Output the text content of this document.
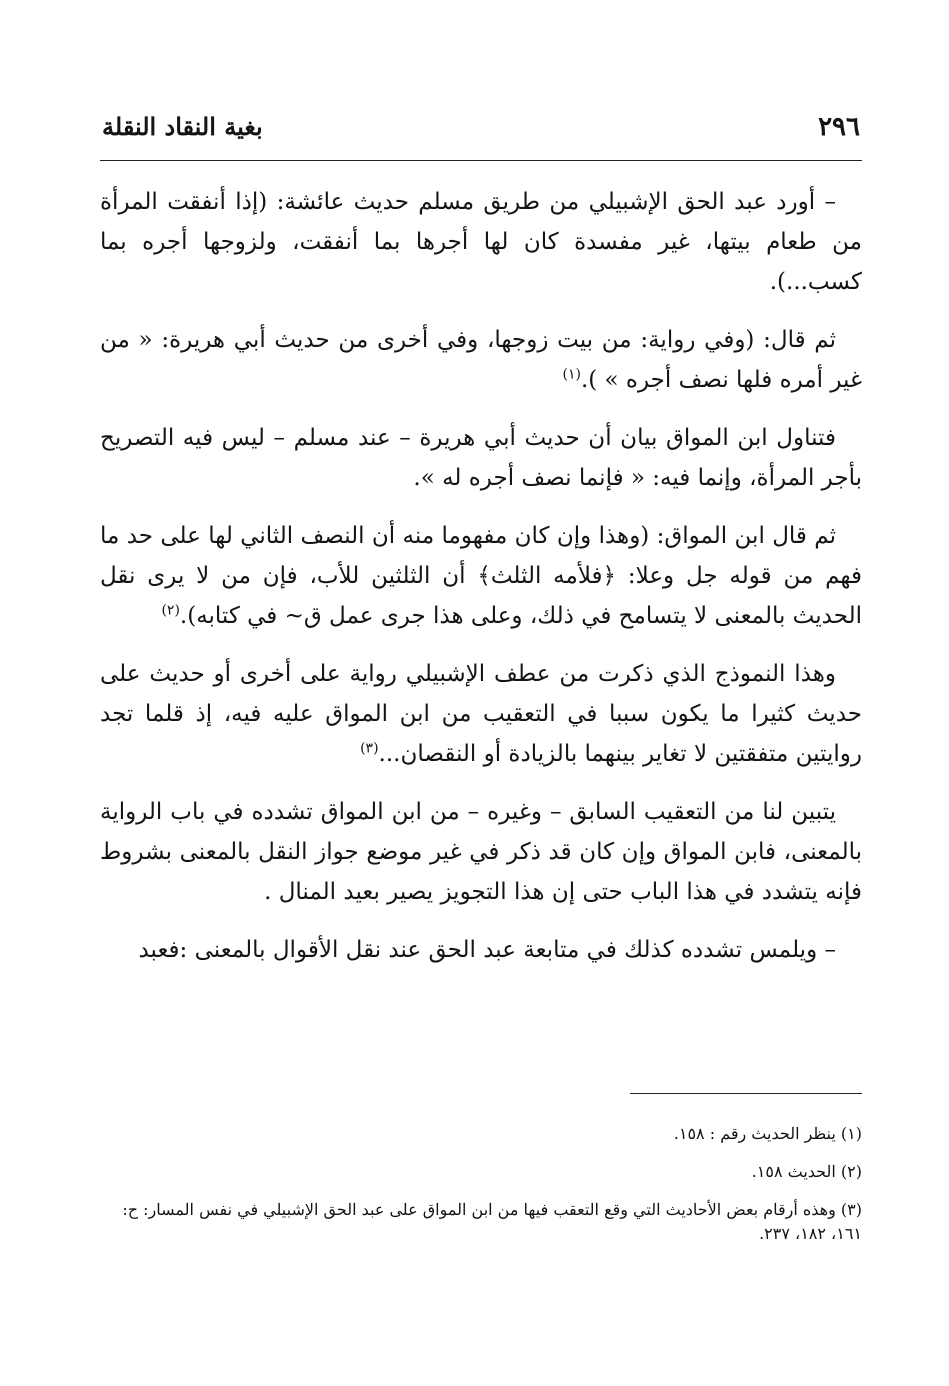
٢٩٦
بغية النقاد النقلة

– أورد عبد الحق الإشبيلي من طريق مسلم حديث عائشة: (إذا أنفقت المرأة من طعام بيتها، غير مفسدة كان لها أجرها بما أنفقت، ولزوجها أجره بما كسب...).

ثم قال: (وفي رواية: من بيت زوجها، وفي أخرى من حديث أبي هريرة: « من غير أمره فلها نصف أجره » ).$^{(١)}$

فتناول ابن المواق بيان أن حديث أبي هريرة – عند مسلم – ليس فيه التصريح بأجر المرأة، وإنما فيه: « فإنما نصف أجره له ».

ثم قال ابن المواق: (وهذا وإن كان مفهوما منه أن النصف الثاني لها على حد ما فهم من قوله جل وعلا: ﴿فلأمه الثلث﴾ أن الثلثين للأب، فإن من لا يرى نقل الحديث بالمعنى لا يتسامح في ذلك، وعلى هذا جرى عمل ق~ في كتابه).$^{(٢)}$

وهذا النموذج الذي ذكرت من عطف الإشبيلي رواية على أخرى أو حديث على حديث كثيرا ما يكون سببا في التعقيب من ابن المواق عليه فيه، إذ قلما تجد روايتين متفقتين لا تغاير بينهما بالزيادة أو النقصان...$^{(٣)}$

يتبين لنا من التعقيب السابق – وغيره – من ابن المواق تشدده في باب الرواية بالمعنى، فابن المواق وإن كان قد ذكر في غير موضع جواز النقل بالمعنى بشروط فإنه يتشدد في هذا الباب حتى إن هذا التجويز يصير بعيد المنال .

– ويلمس تشدده كذلك في متابعة عبد الحق عند نقل الأقوال بالمعنى :فعبد

(١) ينظر الحديث رقم : ١٥٨.

(٢) الحديث ١٥٨.

(٣) وهذه أرقام بعض الأحاديث التي وقع التعقب فيها من ابن المواق على عبد الحق الإشبيلي في نفس المسار: ح: ١٦١، ١٨٢، ٢٣٧.
